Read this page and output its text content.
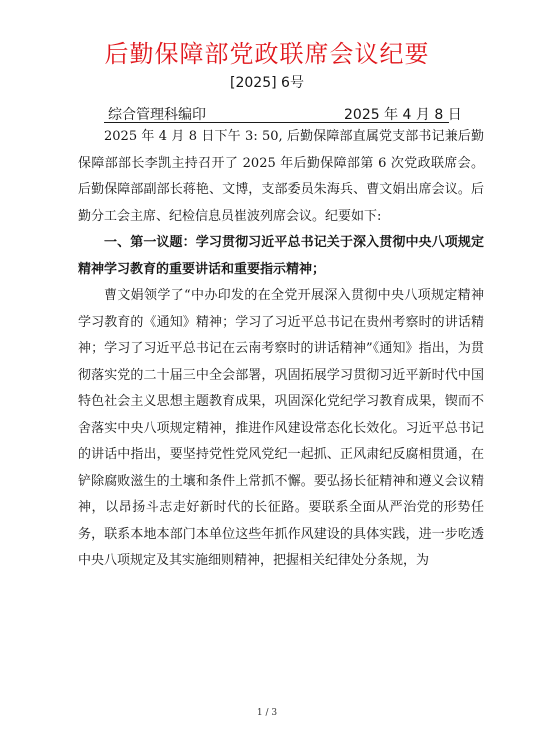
后勤保障部党政联席会议纪要
[2025] 6号
综合管理科编印	2025 年 4 月 8 日

2025 年 4 月 8 日下午 3: 50, 后勤保障部直属党支部书记兼后勤保障部部长李凯主持召开了 2025 年后勤保障部第 6 次党政联席会。后勤保障部副部长蒋艳、文博，支部委员朱海兵、曹文娟出席会议。后勤分工会主席、纪检信息员崔波列席会议。纪要如下:

一、第一议题：学习贯彻习近平总书记关于深入贯彻中央八项规定精神学习教育的重要讲话和重要指示精神；

曹文娟领学了“中办印发的在全党开展深入贯彻中央八项规定精神学习教育的《通知》精神；学习了习近平总书记在贵州考察时的讲话精神；学习了习近平总书记在云南考察时的讲话精神”《通知》指出，为贯彻落实党的二十届三中全会部署，巩固拓展学习贯彻习近平新时代中国特色社会主义思想主题教育成果，巩固深化党纪学习教育成果，锲而不舍落实中央八项规定精神，推进作风建设常态化长效化。习近平总书记的讲话中指出，要坚持党性党风党纪一起抓、正风肃纪反腐相贯通，在铲除腐败滋生的土壤和条件上常抓不懈。要弘扬长征精神和遵义会议精神，以昂扬斗志走好新时代的长征路。要联系全面从严治党的形势任务，联系本地本部门本单位这些年抓作风建设的具体实践，进一步吃透中央八项规定及其实施细则精神，把握相关纪律处分条规，为

1 / 3
